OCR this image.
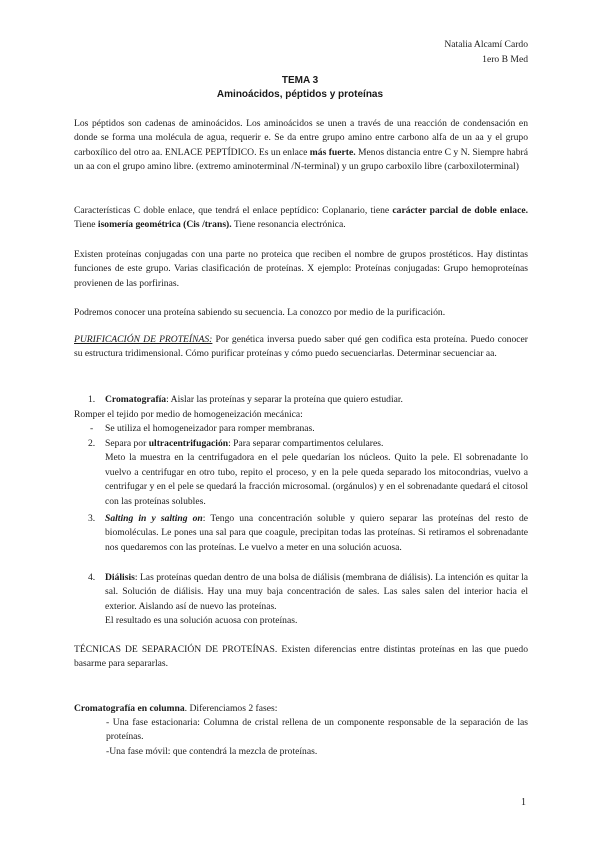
Natalia Alcamí Cardo
1ero B Med
TEMA 3
Aminoácidos, péptidos y proteínas

Los péptidos son cadenas de aminoácidos. Los aminoácidos se unen a través de una reacción de condensación en donde se forma una molécula de agua, requerir e. Se da entre grupo amino entre carbono alfa de un aa y el grupo carboxílico del otro aa. ENLACE PEPTÍDICO. Es un enlace más fuerte. Menos distancia entre C y N. Siempre habrá un aa con el grupo amino libre. (extremo aminoterminal /N-terminal) y un grupo carboxilo libre (carboxiloterminal)

Características C doble enlace, que tendrá el enlace peptídico: Coplanario, tiene carácter parcial de doble enlace. Tiene isomería geométrica (Cis /trans). Tiene resonancia electrónica.

Existen proteínas conjugadas con una parte no proteica que reciben el nombre de grupos prostéticos. Hay distintas funciones de este grupo. Varias clasificación de proteínas. X ejemplo: Proteínas conjugadas: Grupo hemoproteínas provienen de las porfirinas.

Podremos conocer una proteína sabiendo su secuencia. La conozco por medio de la purificación.

PURIFICACIÓN DE PROTEÍNAS: Por genética inversa puedo saber qué gen codifica esta proteína. Puedo conocer su estructura tridimensional. Cómo purificar proteínas y cómo puedo secuenciarlas. Determinar secuenciar aa.

1. Cromatografía: Aislar las proteínas y separar la proteína que quiero estudiar.

Romper el tejido por medio de homogeneización mecánica:

- Se utiliza el homogeneizador para romper membranas.
2. Separa por ultracentrifugación: Para separar compartimentos celulares.
Meto la muestra en la centrifugadora en el pele quedarían los núcleos. Quito la pele. El sobrenadante lo vuelvo a centrifugar en otro tubo, repito el proceso, y en la pele queda separado los mitocondrias, vuelvo a centrifugar y en el pele se quedará la fracción microsomal. (orgánulos) y en el sobrenadante quedará el citosol con las proteínas solubles.
3. Salting in y salting on: Tengo una concentración soluble y quiero separar las proteínas del resto de biomoléculas. Le pones una sal para que coagule, precipitan todas las proteínas. Si retiramos el sobrenadante nos quedaremos con las proteínas. Le vuelvo a meter en una solución acuosa.
4. Diálisis: Las proteínas quedan dentro de una bolsa de diálisis (membrana de diálisis). La intención es quitar la sal. Solución de diálisis. Hay una muy baja concentración de sales. Las sales salen del interior hacia el exterior. Aislando así de nuevo las proteínas.
El resultado es una solución acuosa con proteínas.

TÉCNICAS DE SEPARACIÓN DE PROTEÍNAS. Existen diferencias entre distintas proteínas en las que puedo basarme para separarlas.

Cromatografía en columna. Diferenciamos 2 fases:

- Una fase estacionaria: Columna de cristal rellena de un componente responsable de la separación de las proteínas.

-Una fase móvil: que contendrá la mezcla de proteínas.

1
